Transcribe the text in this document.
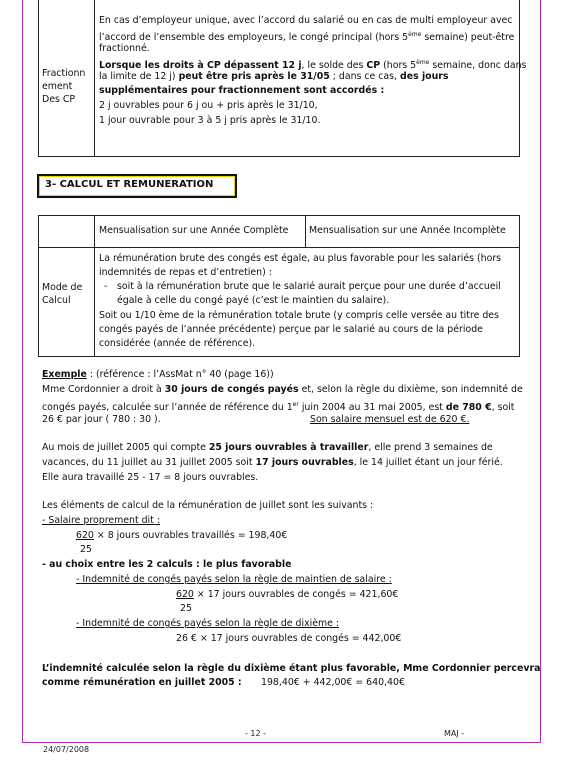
Fractionn
ement
Des CP
En cas d’employeur unique, avec l’accord du salarié ou en cas de multi employeur avec
l’accord de l’ensemble des employeurs, le congé principal (hors 5ème semaine) peut-être
fractionné.
Lorsque les droits à CP dépassent 12 j, le solde des CP (hors 5ème semaine, donc dans
la limite de 12 j) peut être pris après le 31/05 ; dans ce cas, des jours
supplémentaires pour fractionnement sont accordés :
2 j ouvrables pour 6 j ou + pris après le 31/10,
1 jour ouvrable pour 3 à 5 j pris après le 31/10.
3- CALCUL ET REMUNERATION
Mensualisation sur une Année Complète Mensualisation sur une Année Incomplète
Mode de
Calcul
La rémunération brute des congés est égale, au plus favorable pour les salariés (hors
indemnités de repas et d’entretien) :
- soit à la rémunération brute que le salarié aurait perçue pour une durée d’accueil
égale à celle du congé payé (c’est le maintien du salaire).
Soit ou 1/10 ème de la rémunération totale brute (y compris celle versée au titre des
congés payés de l’année précédente) perçue par le salarié au cours de la période
considérée (année de référence).
Exemple : (référence : l’AssMat n° 40 (page 16))
Mme Cordonnier a droit à 30 jours de congés payés et, selon la règle du dixième, son indemnité de
congés payés, calculée sur l’année de référence du 1er juin 2004 au 31 mai 2005, est de 780 €, soit
26 € par jour ( 780 : 30 ).	Son salaire mensuel est de 620 €.
Au mois de juillet 2005 qui compte 25 jours ouvrables à travailler, elle prend 3 semaines de
vacances, du 11 juillet au 31 juillet 2005 soit 17 jours ouvrables, le 14 juillet étant un jour férié.
Elle aura travaillé 25 - 17 = 8 jours ouvrables.
Les éléments de calcul de la rémunération de juillet sont les suivants :
- Salaire proprement dit :
620 × 8 jours ouvrables travaillés = 198,40€
25
- au choix entre les 2 calculs : le plus favorable
- Indemnité de congés payés selon la règle de maintien de salaire :
620 × 17 jours ouvrables de congés = 421,60€
25
- Indemnité de congés payés selon la règle de dixième :
26 € × 17 jours ouvrables de congés = 442,00€
L’indemnité calculée selon la règle du dixième étant plus favorable, Mme Cordonnier percevra
comme rémunération en juillet 2005 : 198,40€ + 442,00€ = 640,40€
- 12 -	MAJ -
24/07/2008
